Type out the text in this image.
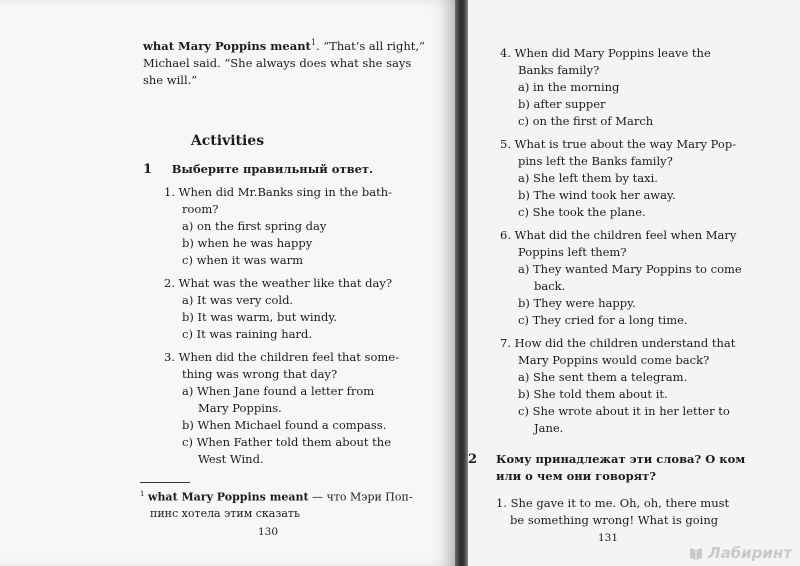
what Mary Poppins meant$^1$. “That’s all right,”
Michael said. “She always does what she says
she will.”
Activities
1 Выберите правильный ответ.
1. When did Mr.Banks sing in the bath-
room?
a) on the first spring day
b) when he was happy
c) when it was warm
2. What was the weather like that day?
a) It was very cold.
b) It was warm, but windy.
c) It was raining hard.
3. When did the children feel that some-
thing was wrong that day?
a) When Jane found a letter from
Mary Poppins.
b) When Michael found a compass.
c) When Father told them about the
West Wind.
$^1$ what Mary Poppins meant — что Мэри Поп-
пинс хотела этим сказать
130
4. When did Mary Poppins leave the
Banks family?
a) in the morning
b) after supper
c) on the first of March
5. What is true about the way Mary Pop-
pins left the Banks family?
a) She left them by taxi.
b) The wind took her away.
c) She took the plane.
6. What did the children feel when Mary
Poppins left them?
a) They wanted Mary Poppins to come
back.
b) They were happy.
c) They cried for a long time.
7. How did the children understand that
Mary Poppins would come back?
a) She sent them a telegram.
b) She told them about it.
c) She wrote about it in her letter to
Jane.
2	Кому принадлежат эти слова? О ком
или о чем они говорят?
1. She gave it to me. Oh, oh, there must
be something wrong! What is going
131
Лабиринт
